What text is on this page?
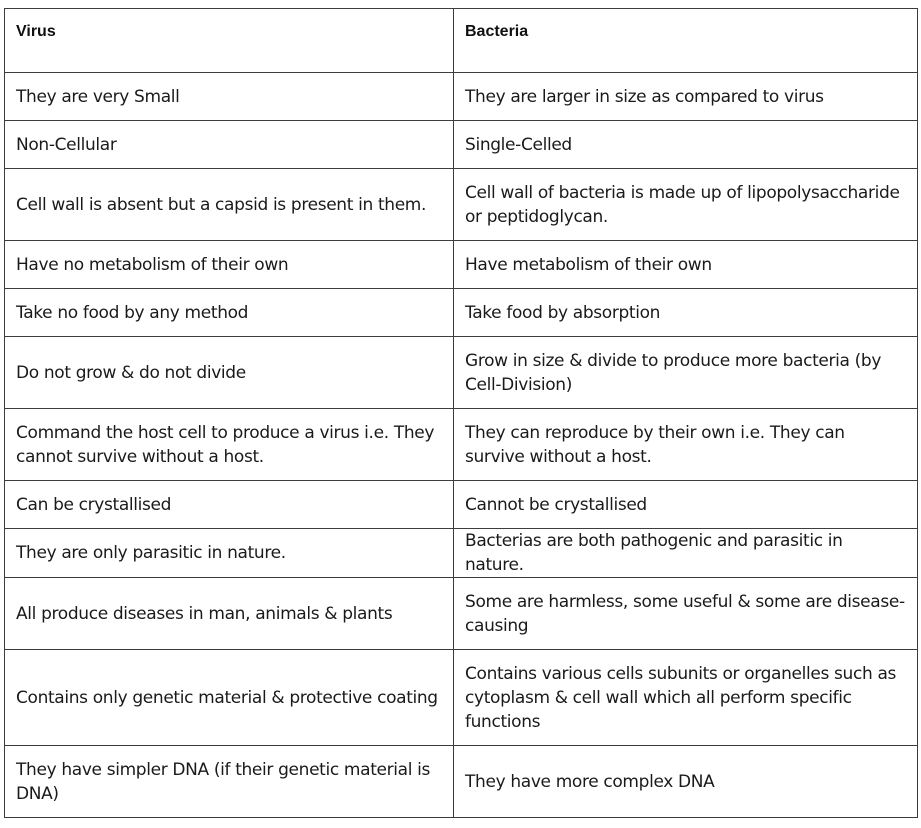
Virus	Bacteria
They are very Small	They are larger in size as compared to virus
Non-Cellular	Single-Celled
Cell wall is absent but a capsid is present in them.	Cell wall of bacteria is made up of lipopolysaccharide or peptidoglycan.
Have no metabolism of their own	Have metabolism of their own
Take no food by any method	Take food by absorption
Do not grow & do not divide	Grow in size & divide to produce more bacteria (by Cell-Division)
Command the host cell to produce a virus i.e. They cannot survive without a host.	They can reproduce by their own i.e. They can survive without a host.
Can be crystallised	Cannot be crystallised
They are only parasitic in nature.	Bacterias are both pathogenic and parasitic in nature.
All produce diseases in man, animals & plants	Some are harmless, some useful & some are disease-causing
Contains only genetic material & protective coating	Contains various cells subunits or organelles such as cytoplasm & cell wall which all perform specific functions
They have simpler DNA (if their genetic material is DNA)	They have more complex DNA
